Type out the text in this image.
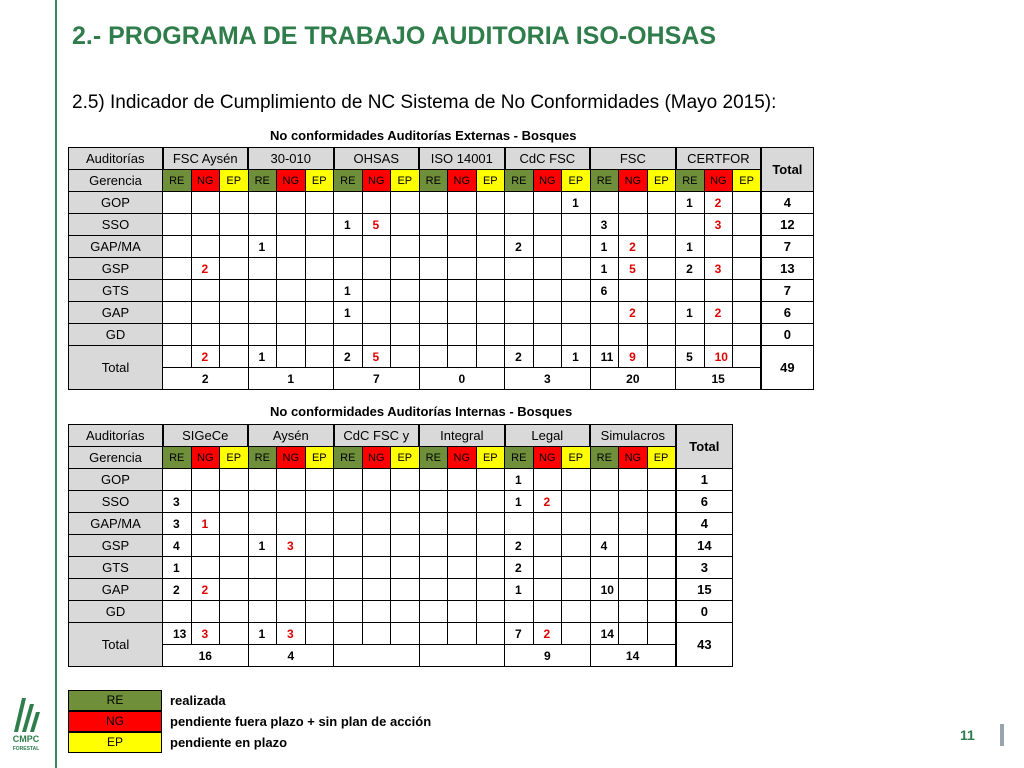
2.- PROGRAMA DE TRABAJO AUDITORIA ISO-OHSAS

2.5) Indicador de Cumplimiento de NC Sistema de No Conformidades (Mayo 2015):

No conformidades Auditorías Externas - Bosques
Auditorías	FSC Aysén			30-010			OHSAS			ISO 14001			CdC FSC			FSC			CERTFOR			Total
Gerencia	RE	NG	EP	RE	NG	EP	RE	NG	EP	RE	NG	EP	RE	NG	EP	RE	NG	EP	RE	NG	EP	
GOP															1				1	2		4
SSO							1	5								3				3		12
GAP/MA				1									2			1	2		1			7
GSP		2														1	5		2	3		13
GTS							1									6						7
GAP							1										2		1	2		6
GD																						0
Total		2		1			2	5					2		1	11	9		5	10		49
	2			1			7			0			3			20			15			
No conformidades Auditorías Internas - Bosques
Auditorías	SIGeCe			Aysén			CdC FSC y			Integral			Legal			Simulacros			Total
Gerencia	RE	NG	EP	RE	NG	EP	RE	NG	EP	RE	NG	EP	RE	NG	EP	RE	NG	EP	
GOP													1						1
SSO	3												1	2					6
GAP/MA	3	1																	4
GSP	4			1	3								2			4			14
GTS	1												2						3
GAP	2	2											1			10			15
GD																			0
Total	13	3		1	3								7	2		14			43
	16			4									9			14			
RE	realizada
NG	pendiente fuera plazo + sin plan de acción
EP	pendiente en plazo
CMPC
FORESTAL
11
